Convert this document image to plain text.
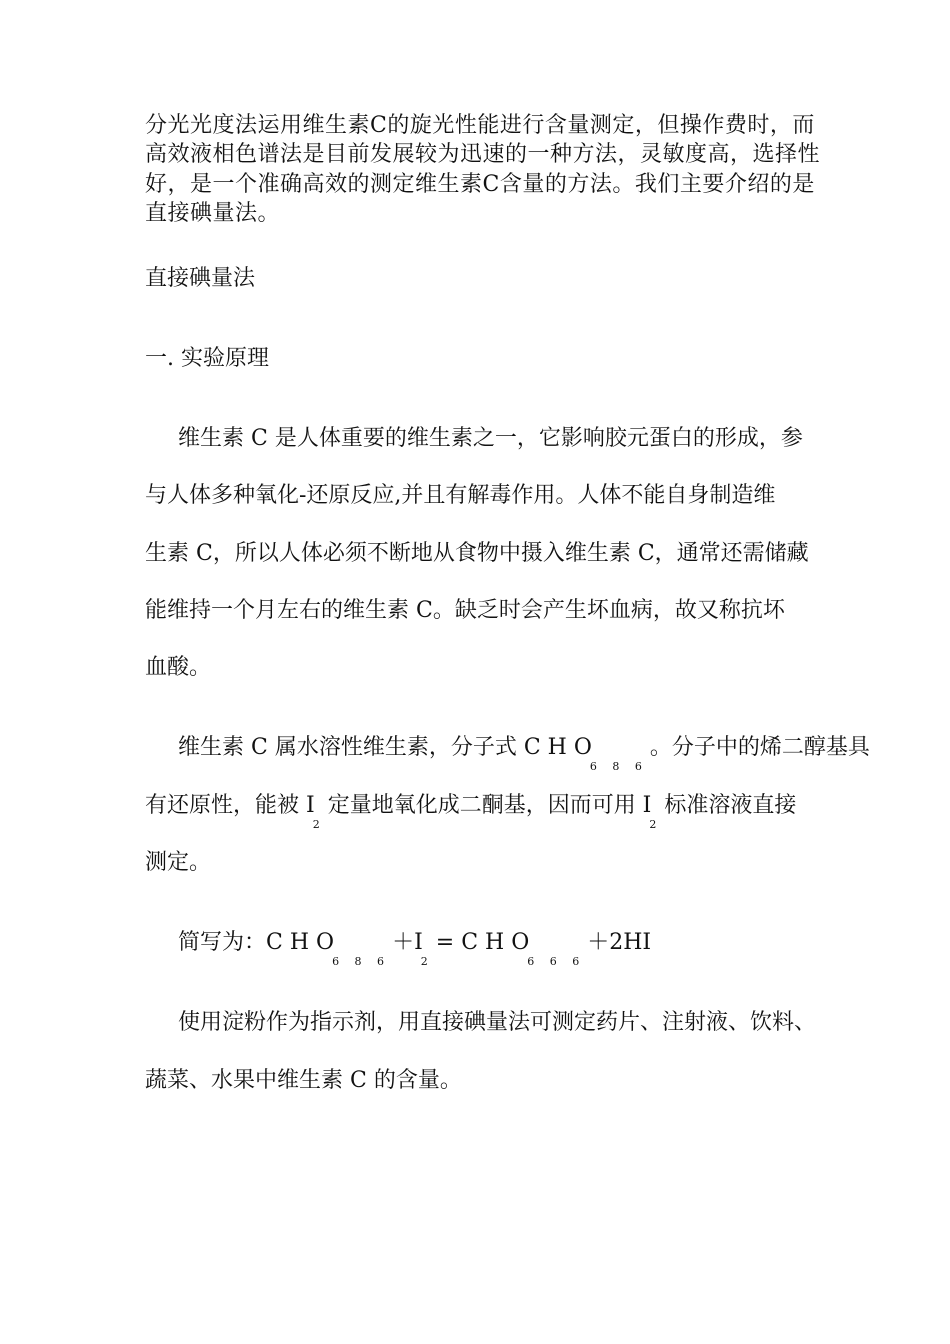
分光光度法运用维生素C的旋光性能进行含量测定，但操作费时，而
高效液相色谱法是目前发展较为迅速的一种方法，灵敏度高，选择性
好，是一个准确高效的测定维生素C含量的方法。我们主要介绍的是
直接碘量法。
直接碘量法
一. 实验原理
维生素 C 是人体重要的维生素之一，它影响胶元蛋白的形成，参
与人体多种氧化-还原反应,并且有解毒作用。人体不能自身制造维
生素 C，所以人体必须不断地从食物中摄入维生素 C，通常还需储藏
能维持一个月左右的维生素 C。缺乏时会产生坏血病，故又称抗坏
血酸。
维生素 C 属水溶性维生素，分子式 C H O6 8 6。分子中的烯二醇基具
有还原性，能被 I2定量地氧化成二酮基，因而可用 I2标准溶液直接
测定。
简写为：C H O6 8 6＋I2= C H O6 6 6＋2HI
使用淀粉作为指示剂，用直接碘量法可测定药片、注射液、饮料、
蔬菜、水果中维生素 C 的含量。
